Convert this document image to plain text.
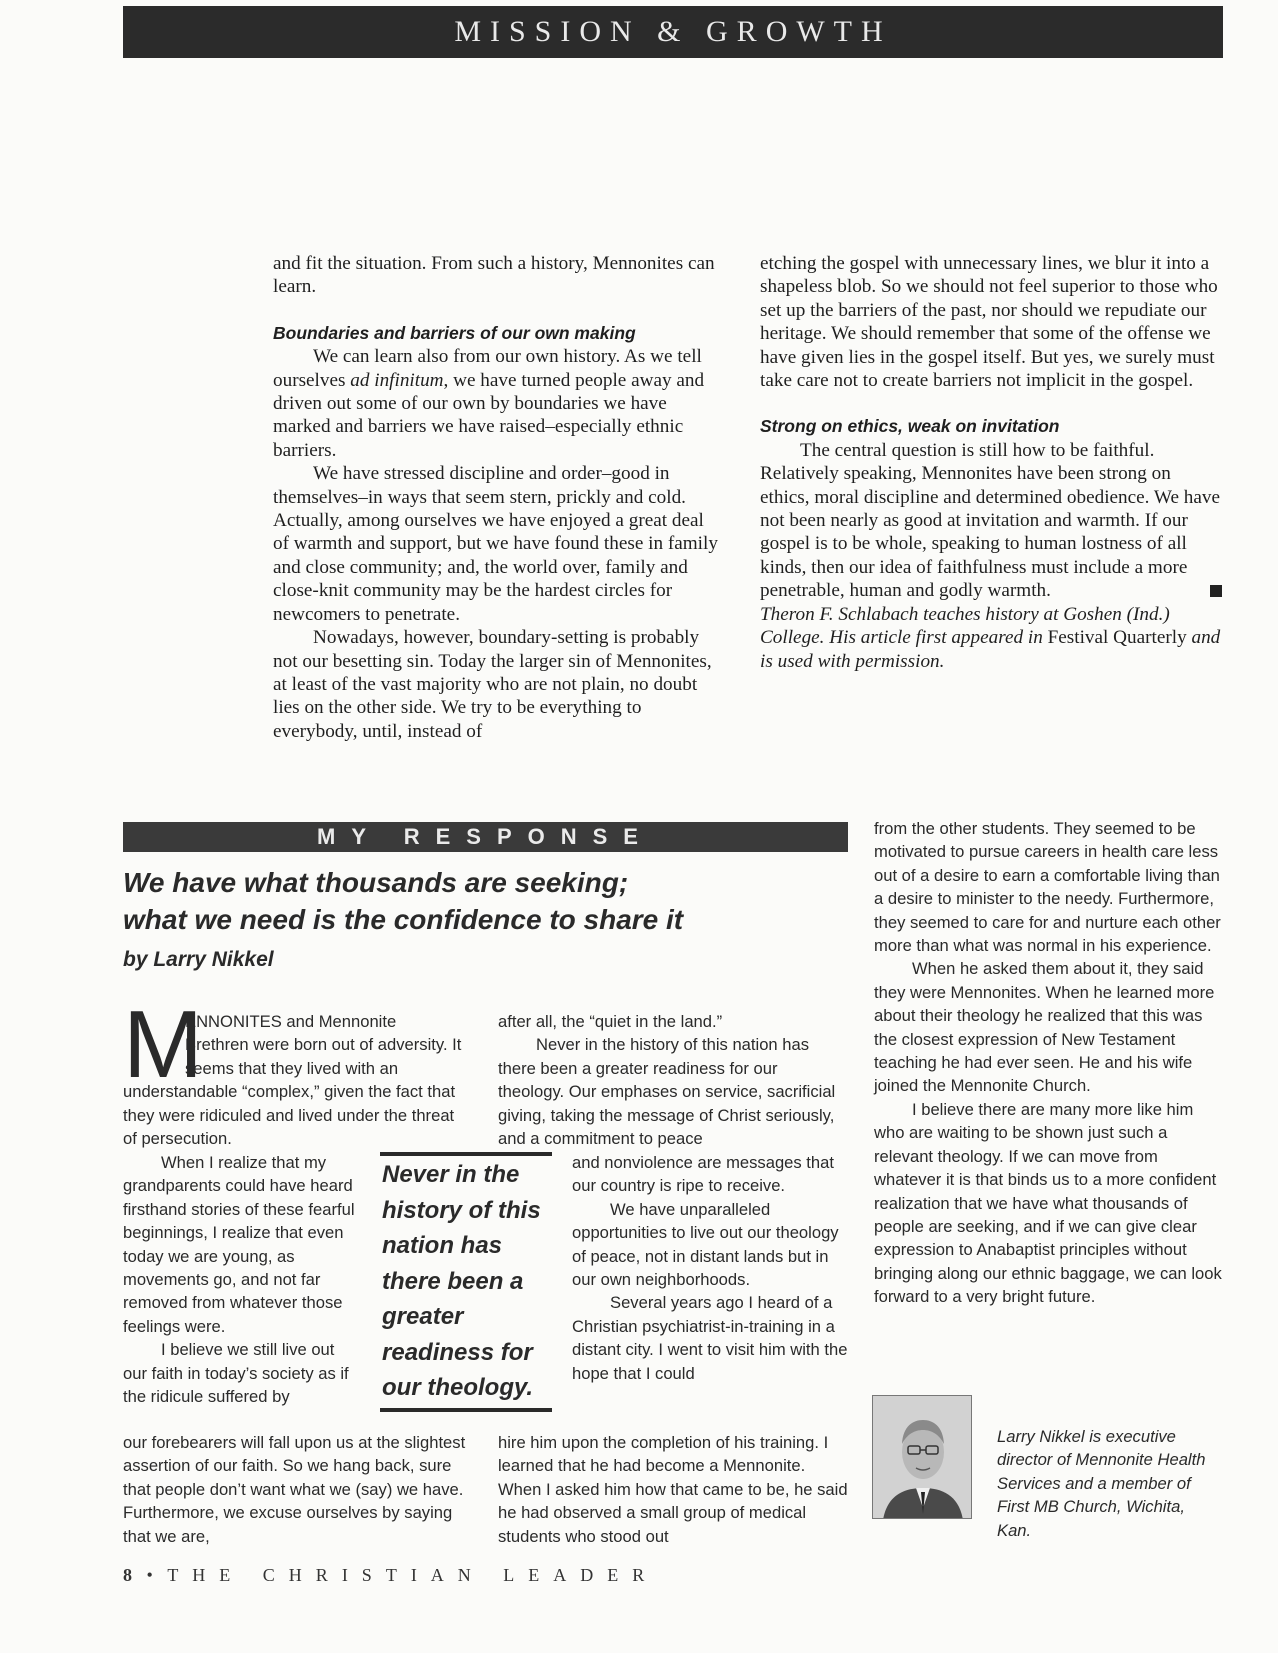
MISSION & GROWTH

and fit the situation. From such a history, Mennonites can learn.

Boundaries and barriers of our own making

We can learn also from our own history. As we tell ourselves ad infinitum, we have turned people away and driven out some of our own by boundaries we have marked and barriers we have raised–especially ethnic barriers.

We have stressed discipline and order–good in themselves–in ways that seem stern, prickly and cold. Actually, among ourselves we have enjoyed a great deal of warmth and support, but we have found these in family and close community; and, the world over, family and close-knit community may be the hardest circles for newcomers to penetrate.

Nowadays, however, boundary-setting is probably not our besetting sin. Today the larger sin of Mennonites, at least of the vast majority who are not plain, no doubt lies on the other side. We try to be everything to everybody, until, instead of

etching the gospel with unnecessary lines, we blur it into a shapeless blob. So we should not feel superior to those who set up the barriers of the past, nor should we repudiate our heritage. We should remember that some of the offense we have given lies in the gospel itself. But yes, we surely must take care not to create barriers not implicit in the gospel.

Strong on ethics, weak on invitation

The central question is still how to be faithful. Relatively speaking, Mennonites have been strong on ethics, moral discipline and determined obedience. We have not been nearly as good at invitation and warmth. If our gospel is to be whole, speaking to human lostness of all kinds, then our idea of faithfulness must include a more penetrable, human and godly warmth.

Theron F. Schlabach teaches history at Goshen (Ind.) College. His article first appeared in Festival Quarterly and is used with permission.

MY RESPONSE
We have what thousands are seeking;
what we need is the confidence to share it
by Larry Nikkel
M

ENNONITES and Mennonite Brethren were born out of adversity. It seems that they lived with an understandable “complex,” given the fact that they were ridiculed and lived under the threat of persecution.

When I realize that my grandparents could have heard firsthand stories of these fearful beginnings, I realize that even today we are young, as movements go, and not far removed from whatever those feelings were.

I believe we still live out our faith in today’s society as if the ridicule suffered by

our forebearers will fall upon us at the slightest assertion of our faith. So we hang back, sure that people don’t want what we (say) we have. Furthermore, we excuse ourselves by saying that we are,

after all, the “quiet in the land.”

Never in the history of this nation has there been a greater readiness for our theology. Our emphases on service, sacrificial giving, taking the message of Christ seriously, and a commitment to peace

Never in the history of this nation has there been a greater readiness for our theology.

and nonviolence are messages that our country is ripe to receive.

We have unparalleled opportunities to live out our theology of peace, not in distant lands but in our own neighborhoods.

Several years ago I heard of a Christian psychiatrist-in-training in a distant city. I went to visit him with the hope that I could

hire him upon the completion of his training. I learned that he had become a Mennonite. When I asked him how that came to be, he said he had observed a small group of medical students who stood out

from the other students. They seemed to be motivated to pursue careers in health care less out of a desire to earn a comfortable living than a desire to minister to the needy. Furthermore, they seemed to care for and nurture each other more than what was normal in his experience.

When he asked them about it, they said they were Mennonites. When he learned more about their theology he realized that this was the closest expression of New Testament teaching he had ever seen. He and his wife joined the Mennonite Church.

I believe there are many more like him who are waiting to be shown just such a relevant theology. If we can move from whatever it is that binds us to a more confident realization that we have what thousands of people are seeking, and if we can give clear expression to Anabaptist principles without bringing along our ethnic baggage, we can look forward to a very bright future.

Larry Nikkel is executive director of Mennonite Health Services and a member of First MB Church, Wichita, Kan.
8 • THE CHRISTIAN LEADER
